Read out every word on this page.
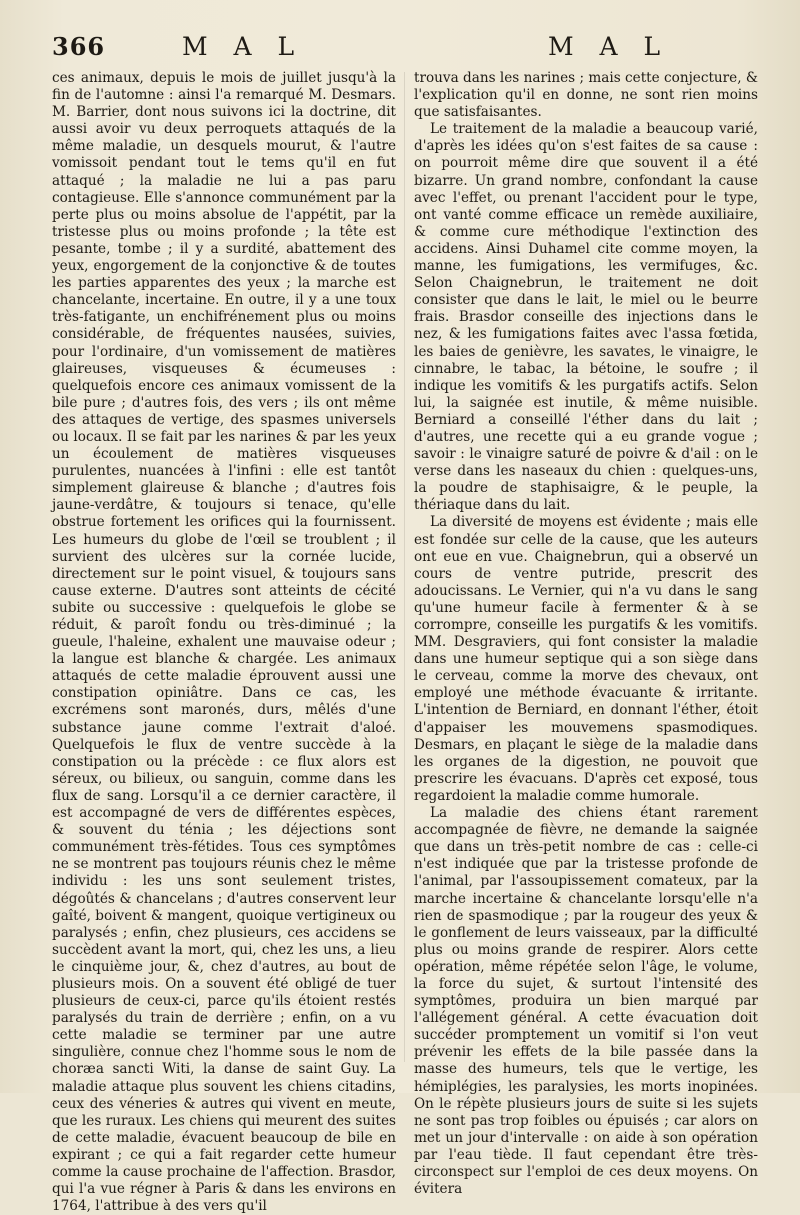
366	M A L	M A L

ces animaux, depuis le mois de juillet jusqu'à la fin de l'automne : ainsi l'a remarqué M. Desmars. M. Barrier, dont nous suivons ici la doctrine, dit aussi avoir vu deux perroquets attaqués de la même maladie, un desquels mourut, & l'autre vomissoit pendant tout le tems qu'il en fut attaqué ; la maladie ne lui a pas paru contagieuse. Elle s'annonce communément par la perte plus ou moins absolue de l'appétit, par la tristesse plus ou moins profonde ; la tête est pesante, tombe ; il y a surdité, abattement des yeux, engorgement de la conjonctive & de toutes les parties apparentes des yeux ; la marche est chancelante, incertaine. En outre, il y a une toux très-fatigante, un enchifrénement plus ou moins considérable, de fréquentes nausées, suivies, pour l'ordinaire, d'un vomissement de matières glaireuses, visqueuses & écumeuses : quelquefois encore ces animaux vomissent de la bile pure ; d'autres fois, des vers ; ils ont même des attaques de vertige, des spasmes universels ou locaux. Il se fait par les narines & par les yeux un écoulement de matières visqueuses purulentes, nuancées à l'infini : elle est tantôt simplement glaireuse & blanche ; d'autres fois jaune-verdâtre, & toujours si tenace, qu'elle obstrue fortement les orifices qui la fournissent. Les humeurs du globe de l'œil se troublent ; il survient des ulcères sur la cornée lucide, directement sur le point visuel, & toujours sans cause externe. D'autres sont atteints de cécité subite ou successive : quelquefois le globe se réduit, & paroît fondu ou très-diminué ; la gueule, l'haleine, exhalent une mauvaise odeur ; la langue est blanche & chargée. Les animaux attaqués de cette maladie éprouvent aussi une constipation opiniâtre. Dans ce cas, les excrémens sont maronés, durs, mêlés d'une substance jaune comme l'extrait d'aloé. Quelquefois le flux de ventre succède à la constipation ou la précède : ce flux alors est séreux, ou bilieux, ou sanguin, comme dans les flux de sang. Lorsqu'il a ce dernier caractère, il est accompagné de vers de différentes espèces, & souvent du ténia ; les déjections sont communément très-fétides. Tous ces symptômes ne se montrent pas toujours réunis chez le même individu : les uns sont seulement tristes, dégoûtés & chancelans ; d'autres conservent leur gaîté, boivent & mangent, quoique vertigineux ou paralysés ; enfin, chez plusieurs, ces accidens se succèdent avant la mort, qui, chez les uns, a lieu le cinquième jour, &, chez d'autres, au bout de plusieurs mois. On a souvent été obligé de tuer plusieurs de ceux-ci, parce qu'ils étoient restés paralysés du train de derrière ; enfin, on a vu cette maladie se terminer par une autre singulière, connue chez l'homme sous le nom de choræa sancti Witi, la danse de saint Guy. La maladie attaque plus souvent les chiens citadins, ceux des véneries & autres qui vivent en meute, que les ruraux. Les chiens qui meurent des suites de cette maladie, évacuent beaucoup de bile en expirant ; ce qui a fait regarder cette humeur comme la cause prochaine de l'affection. Brasdor, qui l'a vue régner à Paris & dans les environs en 1764, l'attribue à des vers qu'il

trouva dans les narines ; mais cette conjecture, & l'explication qu'il en donne, ne sont rien moins que satisfaisantes.

Le traitement de la maladie a beaucoup varié, d'après les idées qu'on s'est faites de sa cause : on pourroit même dire que souvent il a été bizarre. Un grand nombre, confondant la cause avec l'effet, ou prenant l'accident pour le type, ont vanté comme efficace un remède auxiliaire, & comme cure méthodique l'extinction des accidens. Ainsi Duhamel cite comme moyen, la manne, les fumigations, les vermifuges, &c. Selon Chaignebrun, le traitement ne doit consister que dans le lait, le miel ou le beurre frais. Brasdor conseille des injections dans le nez, & les fumigations faites avec l'assa fœtida, les baies de genièvre, les savates, le vinaigre, le cinnabre, le tabac, la bétoine, le soufre ; il indique les vomitifs & les purgatifs actifs. Selon lui, la saignée est inutile, & même nuisible. Berniard a conseillé l'éther dans du lait ; d'autres, une recette qui a eu grande vogue ; savoir : le vinaigre saturé de poivre & d'ail : on le verse dans les naseaux du chien : quelques-uns, la poudre de staphisaigre, & le peuple, la thériaque dans du lait.

La diversité de moyens est évidente ; mais elle est fondée sur celle de la cause, que les auteurs ont eue en vue. Chaignebrun, qui a observé un cours de ventre putride, prescrit des adoucissans. Le Vernier, qui n'a vu dans le sang qu'une humeur facile à fermenter & à se corrompre, conseille les purgatifs & les vomitifs. MM. Desgraviers, qui font consister la maladie dans une humeur septique qui a son siège dans le cerveau, comme la morve des chevaux, ont employé une méthode évacuante & irritante. L'intention de Berniard, en donnant l'éther, étoit d'appaiser les mouvemens spasmodiques. Desmars, en plaçant le siège de la maladie dans les organes de la digestion, ne pouvoit que prescrire les évacuans. D'après cet exposé, tous regardoient la maladie comme humorale.

La maladie des chiens étant rarement accompagnée de fièvre, ne demande la saignée que dans un très-petit nombre de cas : celle-ci n'est indiquée que par la tristesse profonde de l'animal, par l'assoupissement comateux, par la marche incertaine & chancelante lorsqu'elle n'a rien de spasmodique ; par la rougeur des yeux & le gonflement de leurs vaisseaux, par la difficulté plus ou moins grande de respirer. Alors cette opération, même répétée selon l'âge, le volume, la force du sujet, & surtout l'intensité des symptômes, produira un bien marqué par l'allégement général. A cette évacuation doit succéder promptement un vomitif si l'on veut prévenir les effets de la bile passée dans la masse des humeurs, tels que le vertige, les hémiplégies, les paralysies, les morts inopinées. On le répète plusieurs jours de suite si les sujets ne sont pas trop foibles ou épuisés ; car alors on met un jour d'intervalle : on aide à son opération par l'eau tiède. Il faut cependant être très-circonspect sur l'emploi de ces deux moyens. On évitera
